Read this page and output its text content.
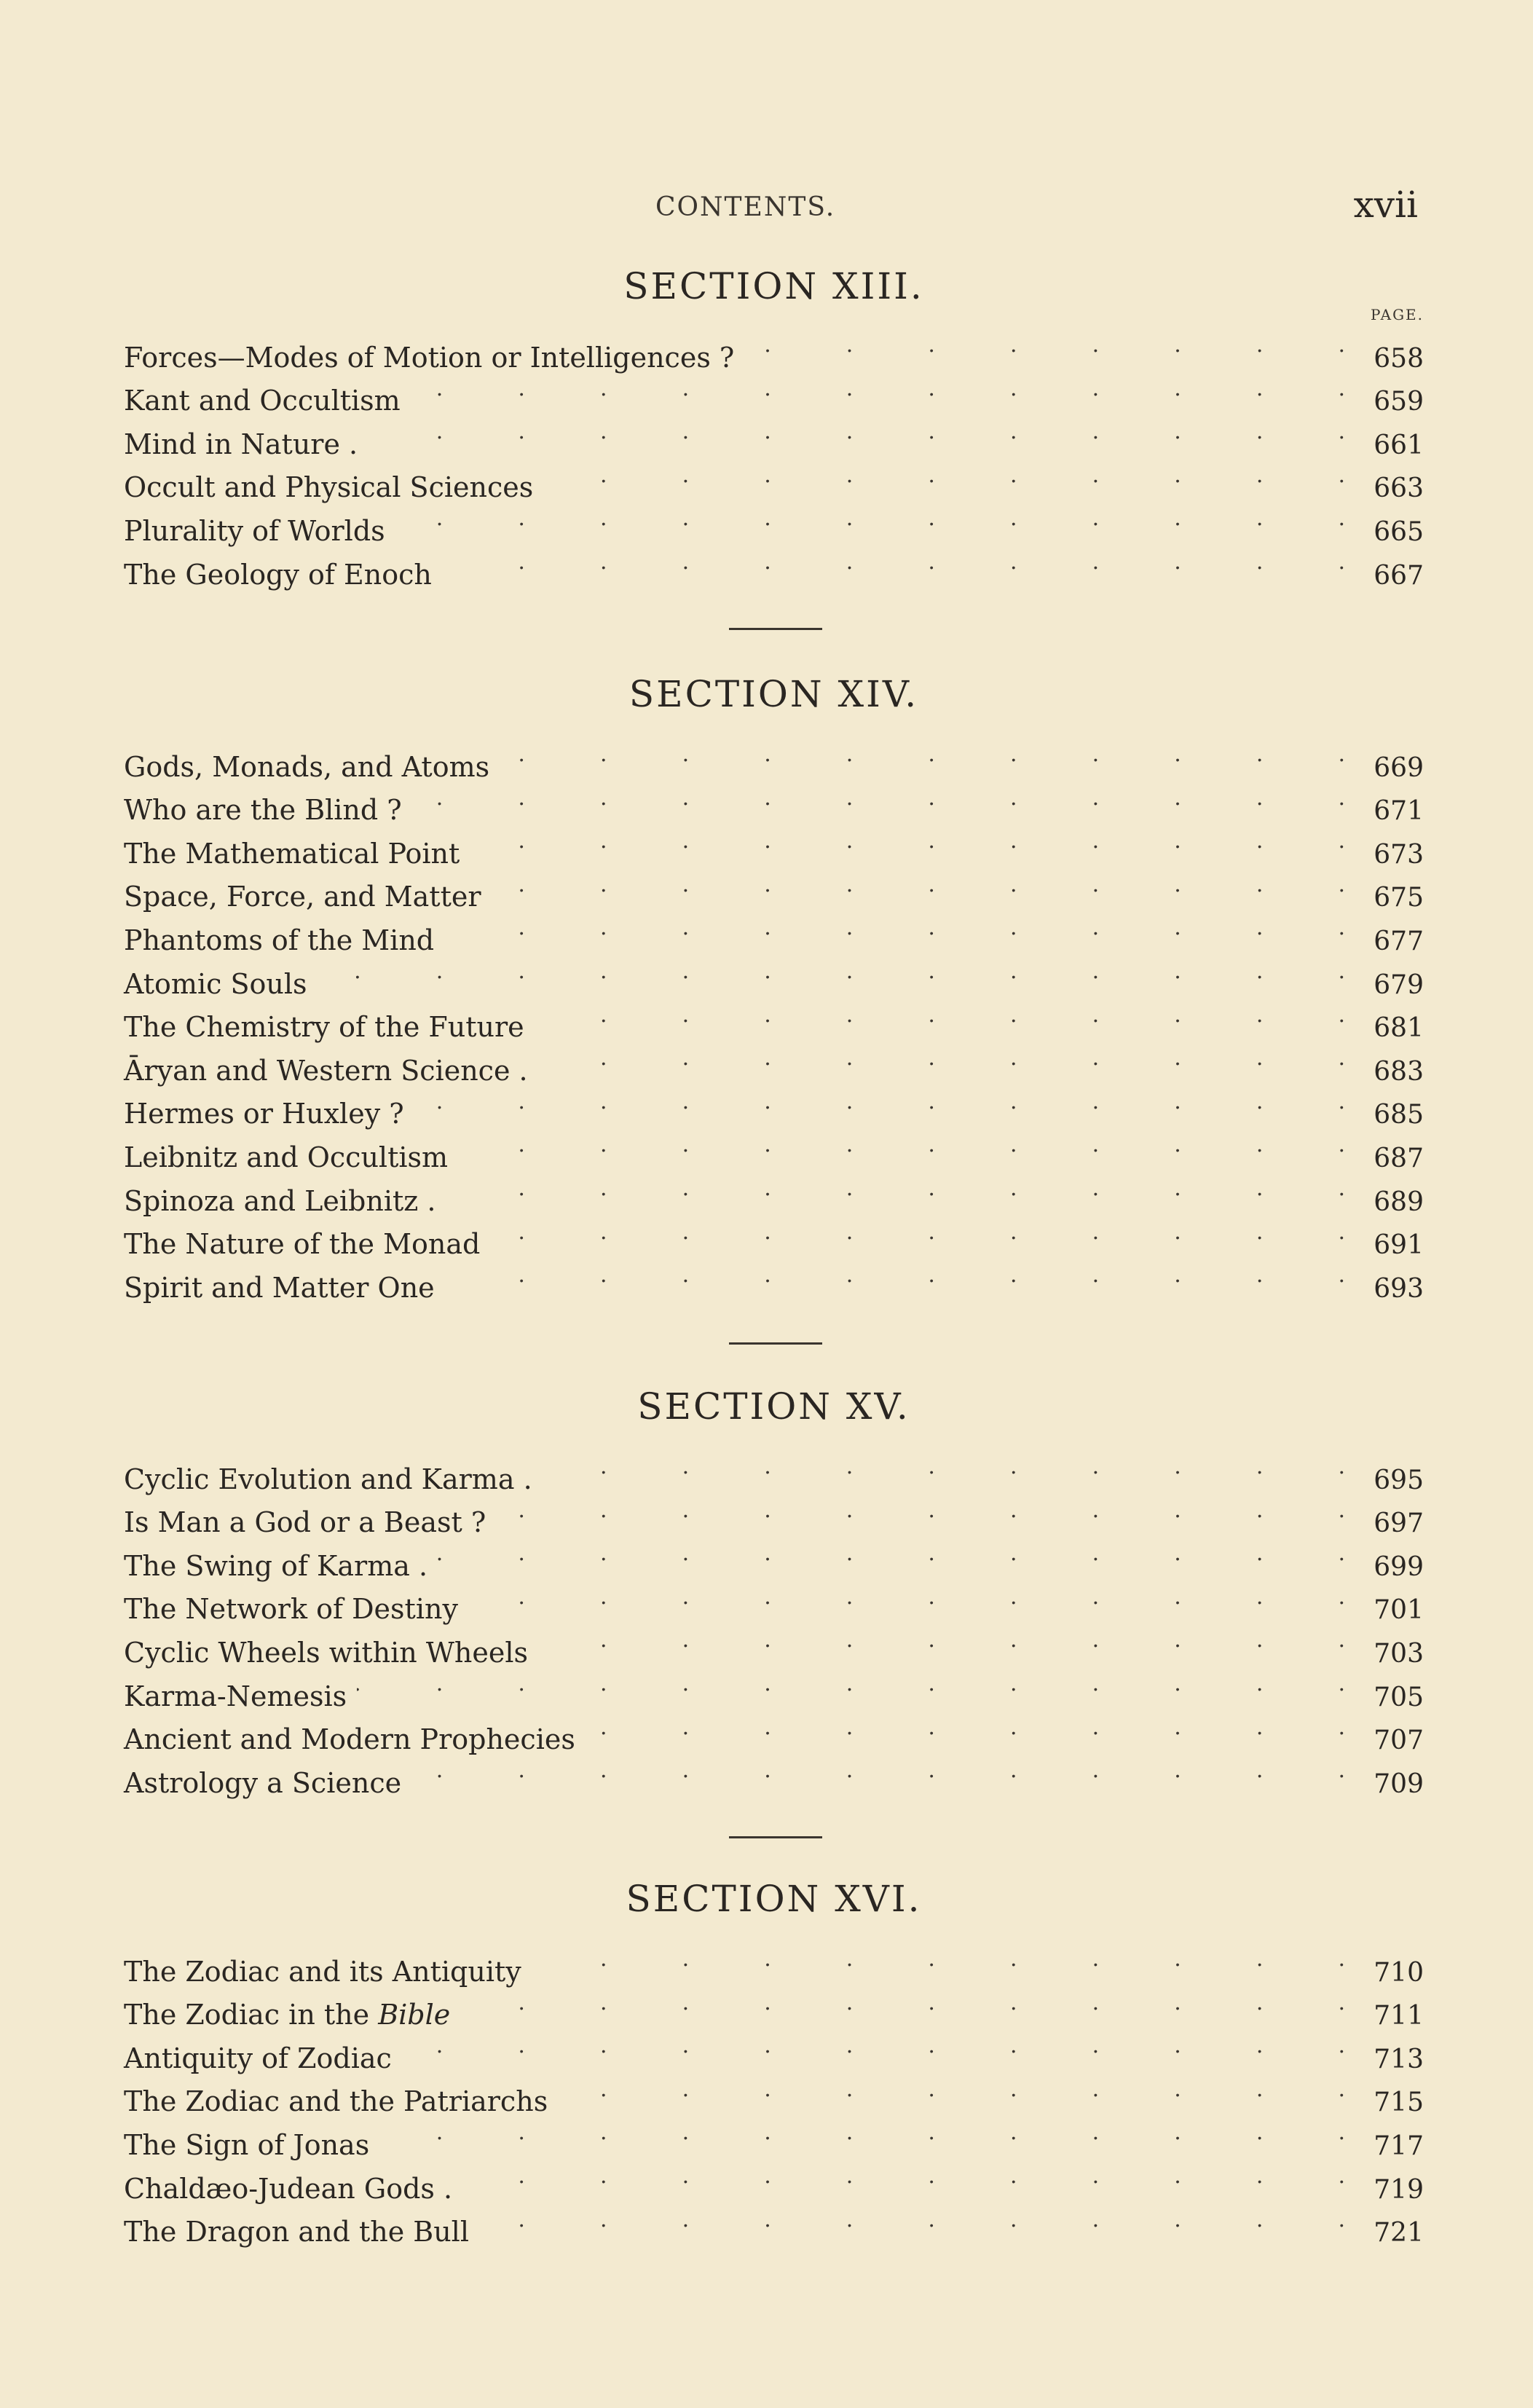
CONTENTS.	xvii
SECTION XIII.
PAGE.
Forces—Modes of Motion or Intelligences ? . .	658
Kant and Occultism . .	659
Mind in Nature . . .	661
Occult and Physical Sciences . .	663
Plurality of Worlds . .	665
The Geology of Enoch . .	667
SECTION XIV.
Gods, Monads, and Atoms . .	669
Who are the Blind ? . .	671
The Mathematical Point . .	673
Space, Force, and Matter . .	675
Phantoms of the Mind . .	677
Atomic Souls . .	679
The Chemistry of the Future . .	681
Āryan and Western Science . . .	683
Hermes or Huxley ? . .	685
Leibnitz and Occultism . .	687
Spinoza and Leibnitz . . .	689
The Nature of the Monad . .	691
Spirit and Matter One . .	693
SECTION XV.
Cyclic Evolution and Karma . . .	695
Is Man a God or a Beast ? . .	697
The Swing of Karma . . .	699
The Network of Destiny . .	701
Cyclic Wheels within Wheels . .	703
Karma-Nemesis . .	705
Ancient and Modern Prophecies . .	707
Astrology a Science . .	709
SECTION XVI.
The Zodiac and its Antiquity . .	710
The Zodiac in the Bible . .	711
Antiquity of Zodiac . .	713
The Zodiac and the Patriarchs . .	715
The Sign of Jonas . .	717
Chaldæo-Judean Gods . . .	719
The Dragon and the Bull . .	721
